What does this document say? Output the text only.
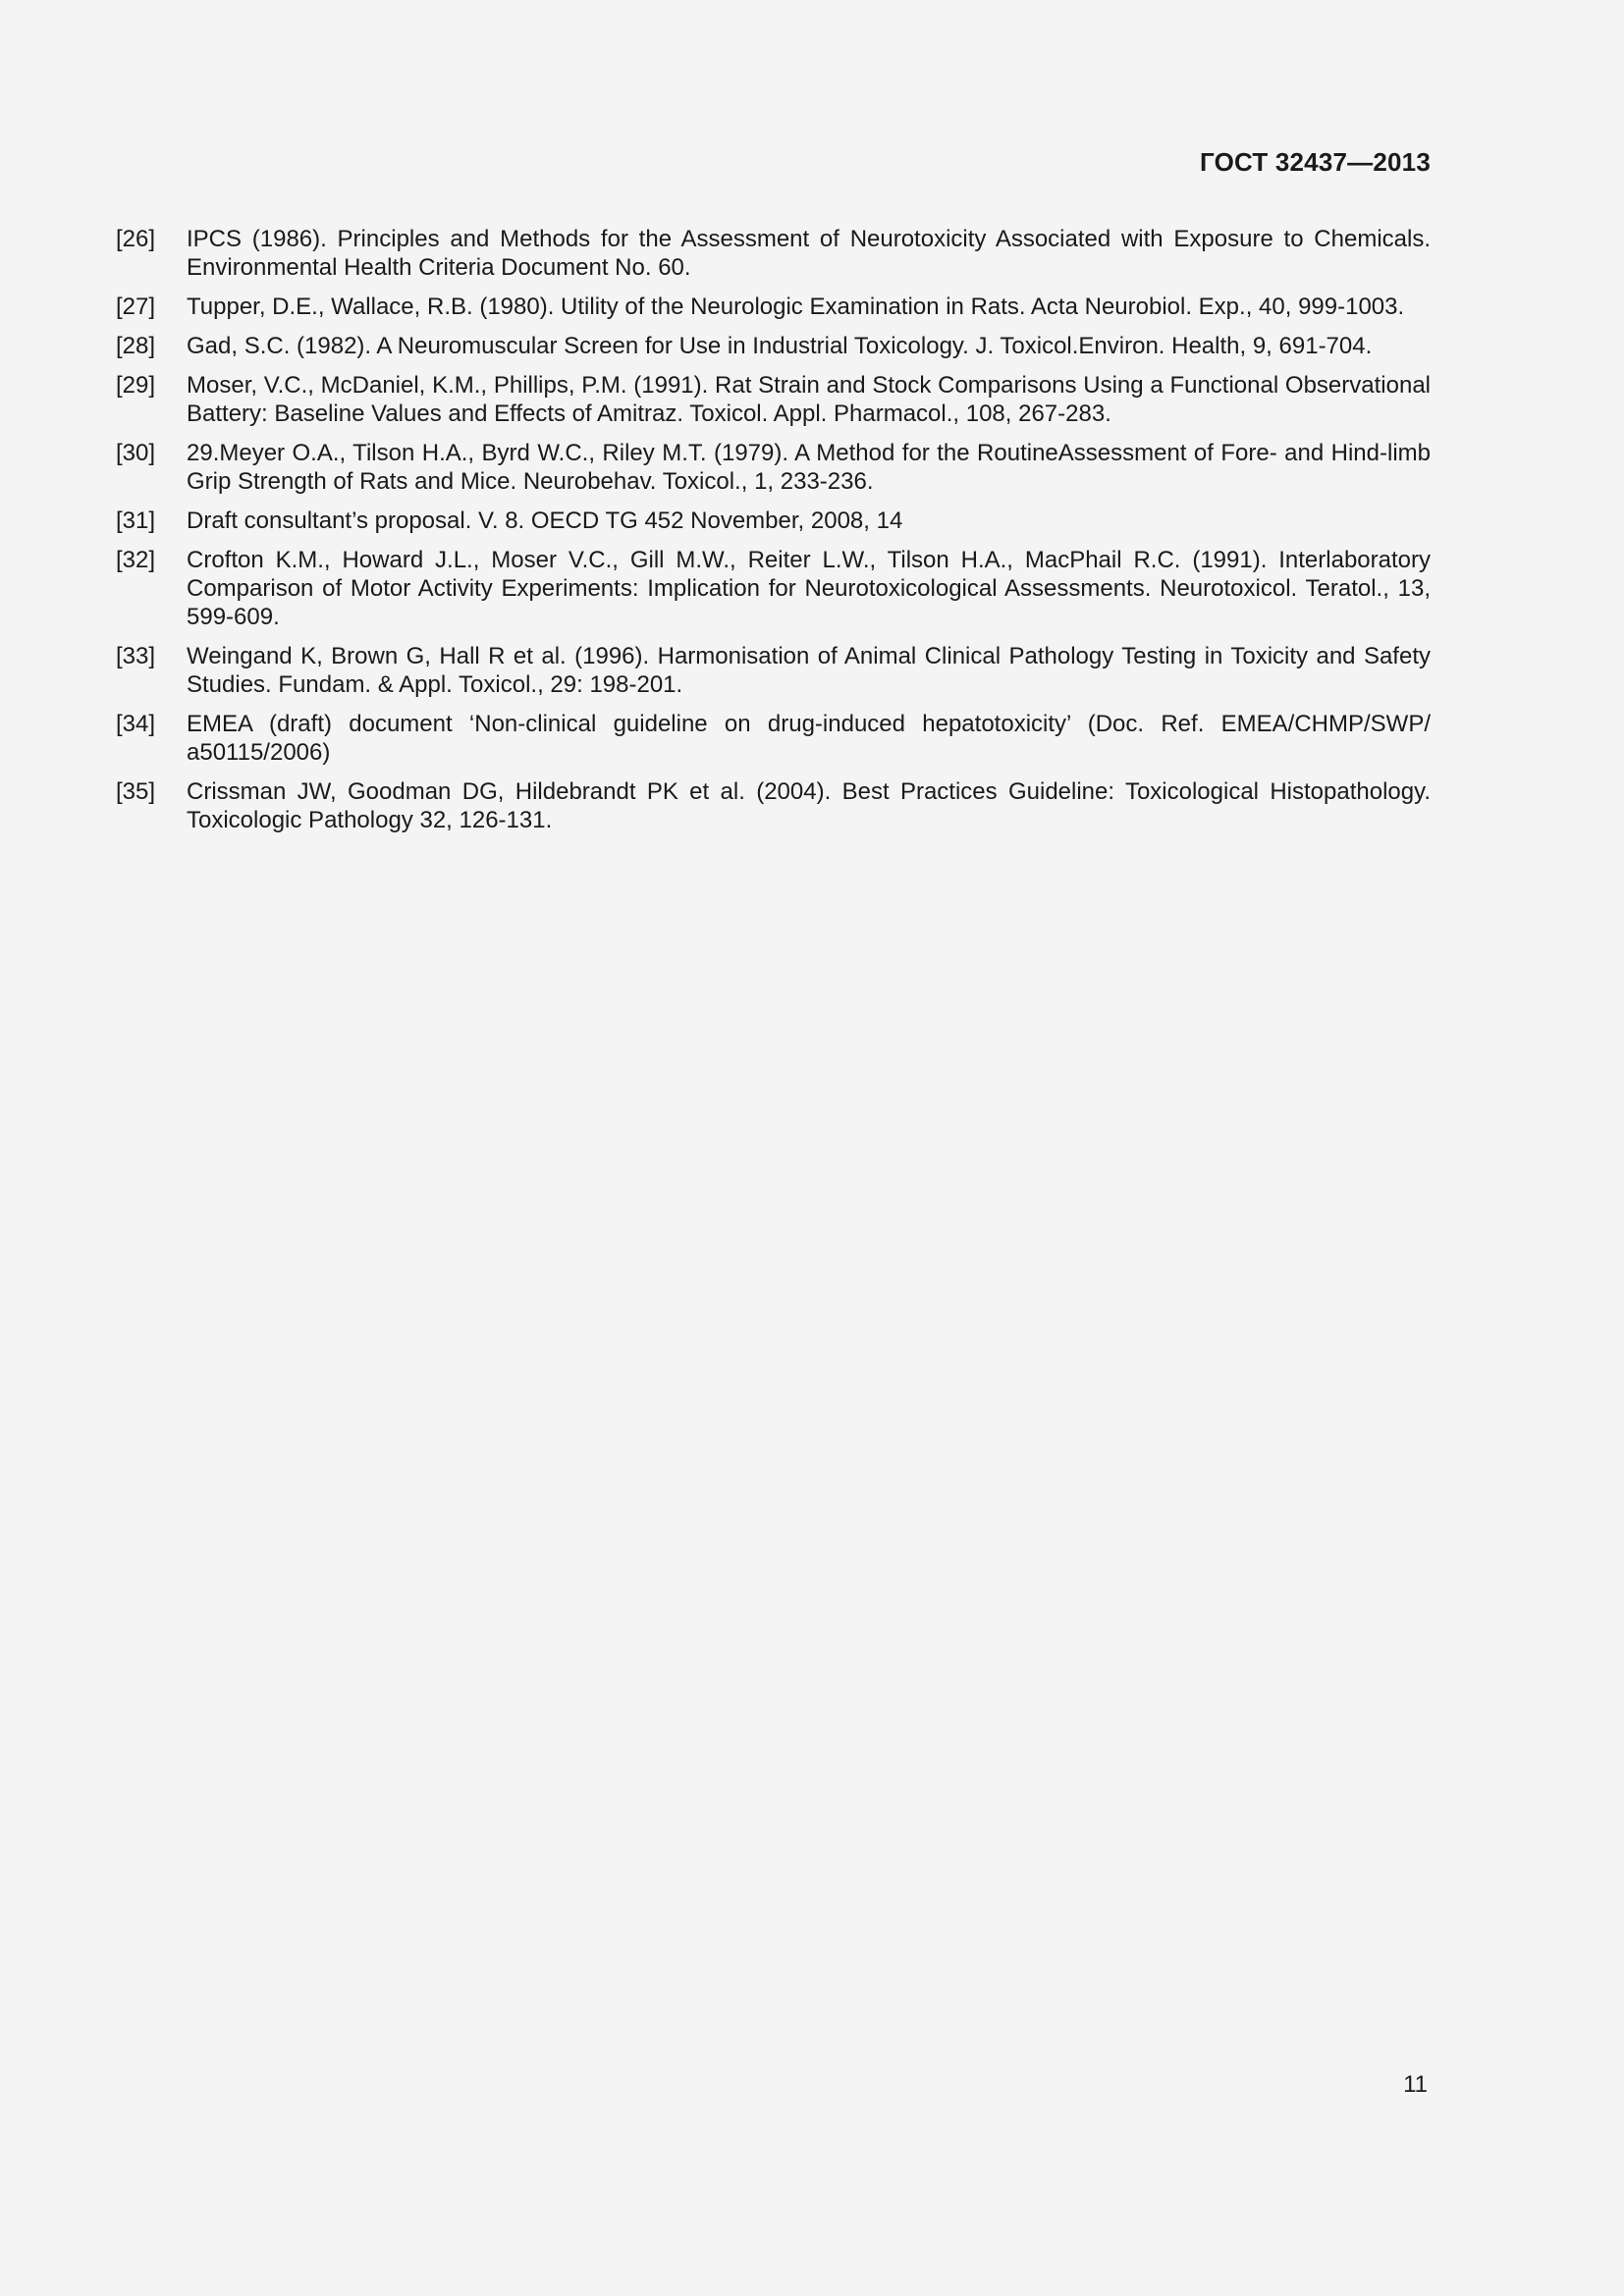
ГОСТ 32437—2013
[26]	IPCS (1986). Principles and Methods for the Assessment of Neurotoxicity Associated with Exposure to Chemicals. Environmental Health Criteria Document No. 60.
[27]	Tupper, D.E., Wallace, R.B. (1980). Utility of the Neurologic Examination in Rats. Acta Neurobiol. Exp., 40, 999-1003.
[28]	Gad, S.C. (1982). A Neuromuscular Screen for Use in Industrial Toxicology. J. Toxicol.Environ. Health, 9, 691-704.
[29]	Moser, V.C., McDaniel, K.M., Phillips, P.M. (1991). Rat Strain and Stock Comparisons Using a Functional Observational Battery: Baseline Values and Effects of Amitraz. Toxicol. Appl. Pharmacol., 108, 267-283.
[30]	29.Meyer O.A., Tilson H.A., Byrd W.C., Riley M.T. (1979). A Method for the RoutineAssessment of Fore- and Hind-limb Grip Strength of Rats and Mice. Neurobehav. Toxicol., 1, 233-236.
[31]	Draft consultant’s proposal. V. 8. OECD TG 452 November, 2008, 14
[32]	Crofton K.M., Howard J.L., Moser V.C., Gill M.W., Reiter L.W., Tilson H.A., MacPhail R.C. (1991). Interlaboratory Comparison of Motor Activity Experiments: Implication for Neurotoxicological Assessments. Neurotoxicol. Teratol., 13, 599-609.
[33]	Weingand K, Brown G, Hall R et al. (1996). Harmonisation of Animal Clinical Pathology Testing in Toxicity and Safety Studies. Fundam. & Appl. Toxicol., 29: 198-201.
[34]	EMEA (draft) document ‘Non-clinical guideline on drug-induced hepatotoxicity’ (Doc. Ref. EMEA/CHMP/SWP/ a50115/2006)
[35]	Crissman JW, Goodman DG, Hildebrandt PK et al. (2004). Best Practices Guideline: Toxicological Histopathology. Toxicologic Pathology 32, 126-131.
11
